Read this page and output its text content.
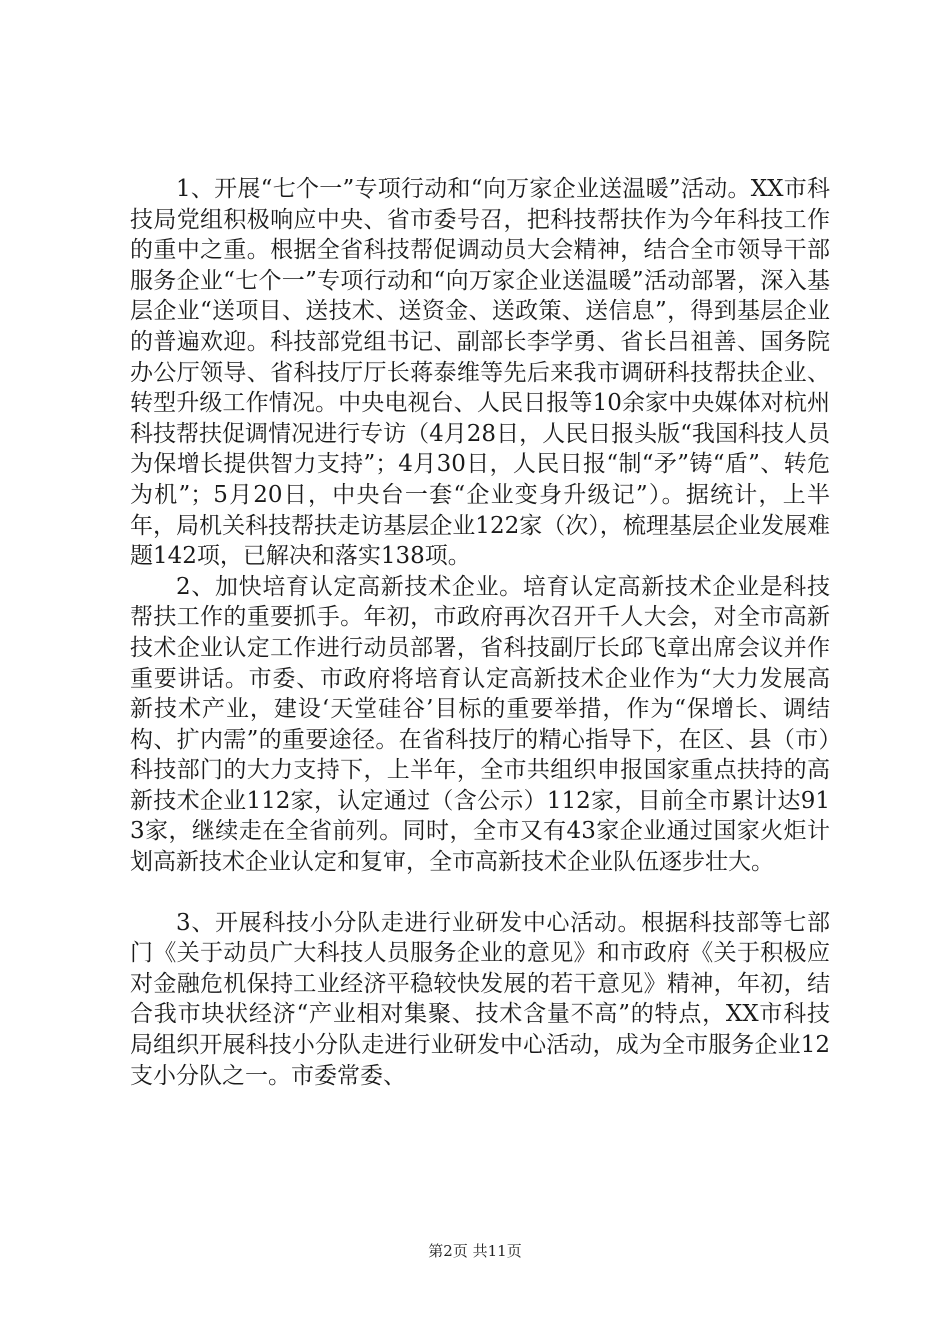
1、开展“七个一”专项行动和“向万家企业送温暖”活动。XX市科技局党组积极响应中央、省市委号召，把科技帮扶作为今年科技工作的重中之重。根据全省科技帮促调动员大会精神，结合全市领导干部服务企业“七个一”专项行动和“向万家企业送温暖”活动部署，深入基层企业“送项目、送技术、送资金、送政策、送信息”，得到基层企业的普遍欢迎。科技部党组书记、副部长李学勇、省长吕祖善、国务院办公厅领导、省科技厅厅长蒋泰维等先后来我市调研科技帮扶企业、转型升级工作情况。中央电视台、人民日报等10余家中央媒体对杭州科技帮扶促调情况进行专访（4月28日，人民日报头版“我国科技人员为保增长提供智力支持”；4月30日，人民日报“制“矛”铸“盾”、转危为机”；5月20日，中央台一套“企业变身升级记”）。据统计，上半年，局机关科技帮扶走访基层企业122家（次），梳理基层企业发展难题142项，已解决和落实138项。

2、加快培育认定高新技术企业。培育认定高新技术企业是科技帮扶工作的重要抓手。年初，市政府再次召开千人大会，对全市高新技术企业认定工作进行动员部署，省科技副厅长邱飞章出席会议并作重要讲话。市委、市政府将培育认定高新技术企业作为“大力发展高新技术产业，建设‘天堂硅谷’目标的重要举措，作为“保增长、调结构、扩内需”的重要途径。在省科技厅的精心指导下，在区、县（市）科技部门的大力支持下，上半年，全市共组织申报国家重点扶持的高新技术企业112家，认定通过（含公示）112家，目前全市累计达913家，继续走在全省前列。同时，全市又有43家企业通过国家火炬计划高新技术企业认定和复审，全市高新技术企业队伍逐步壮大。

3、开展科技小分队走进行业研发中心活动。根据科技部等七部门《关于动员广大科技人员服务企业的意见》和市政府《关于积极应对金融危机保持工业经济平稳较快发展的若干意见》精神，年初，结合我市块状经济“产业相对集聚、技术含量不高”的特点，XX市科技局组织开展科技小分队走进行业研发中心活动，成为全市服务企业12支小分队之一。市委常委、

第2页 共11页
